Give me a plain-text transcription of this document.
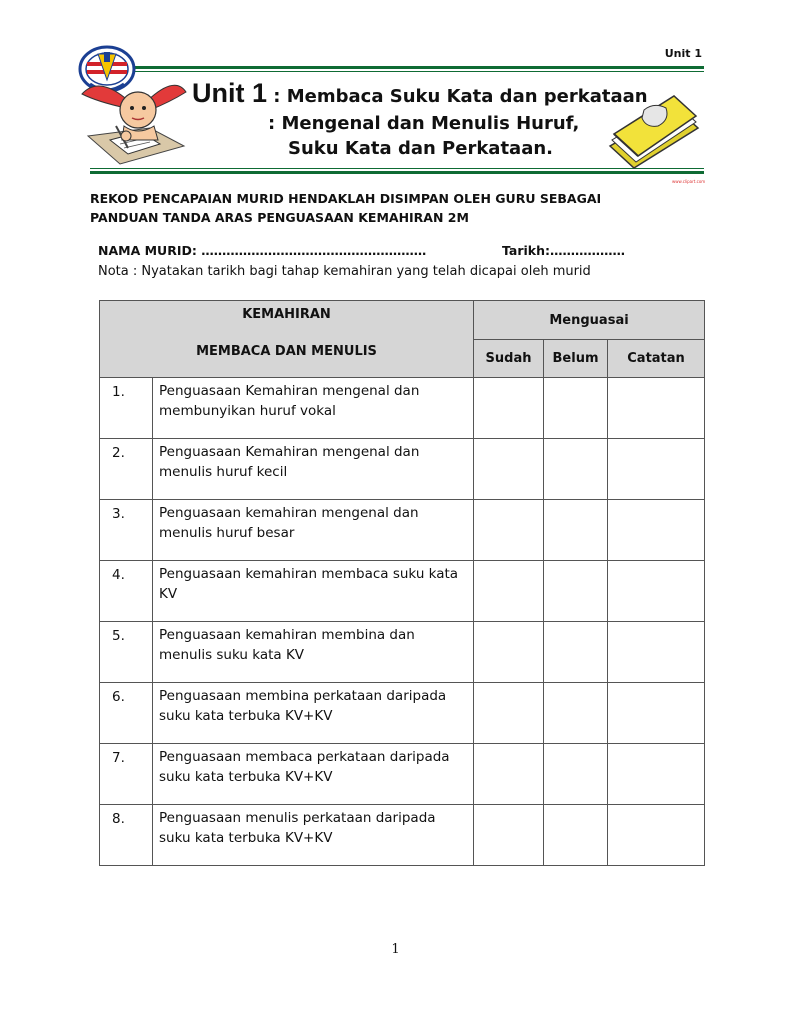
Unit 1
Unit 1 : Membaca Suku Kata dan perkataan
: Mengenal dan Menulis Huruf,
Suku Kata dan Perkataan.
www.clipart.com
REKOD PENCAPAIAN MURID HENDAKLAH DISIMPAN OLEH GURU SEBAGAI
PANDUAN TANDA ARAS PENGUASAAN KEMAHIRAN 2M
NAMA MURID: ………………………………………………	Tarikh:………………
Nota : Nyatakan tarikh bagi tahap kemahiran yang telah dicapai oleh murid
KEMAHIRAN
MEMBACA DAN MENULIS		Menguasai		
		Sudah	Belum	Catatan
1.	Penguasaan Kemahiran mengenal dan membunyikan huruf vokal			
2.	Penguasaan Kemahiran mengenal dan menulis huruf kecil			
3.	Penguasaan kemahiran mengenal dan menulis huruf besar			
4.	Penguasaan kemahiran membaca suku kata KV			
5.	Penguasaan kemahiran membina dan menulis suku kata KV			
6.	Penguasaan membina perkataan daripada suku kata terbuka KV+KV			
7.	Penguasaan membaca perkataan daripada suku kata terbuka KV+KV			
8.	Penguasaan menulis perkataan daripada suku kata terbuka KV+KV			
1
